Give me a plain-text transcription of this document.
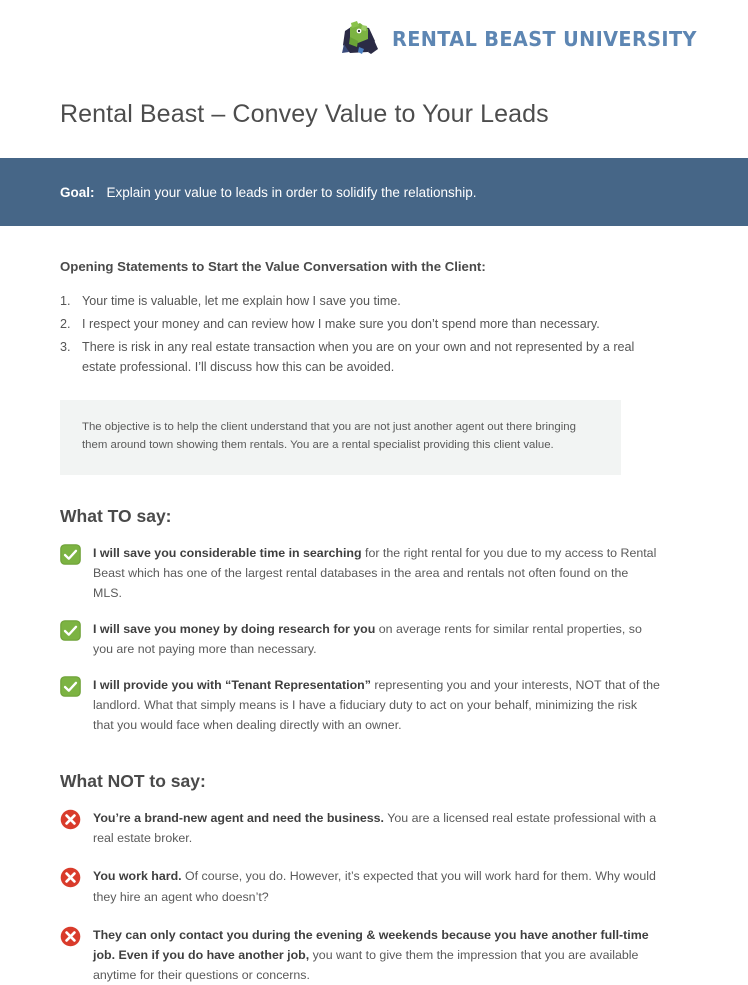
RENTAL BEAST UNIVERSITY
Rental Beast – Convey Value to Your Leads
Goal: Explain your value to leads in order to solidify the relationship.
Opening Statements to Start the Value Conversation with the Client:
1. Your time is valuable, let me explain how I save you time.
2. I respect your money and can review how I make sure you don’t spend more than necessary.
3. There is risk in any real estate transaction when you are on your own and not represented by a real estate professional. I’ll discuss how this can be avoided.
The objective is to help the client understand that you are not just another agent out there bringing them around town showing them rentals. You are a rental specialist providing this client value.
What TO say:
I will save you considerable time in searching for the right rental for you due to my access to Rental Beast which has one of the largest rental databases in the area and rentals not often found on the MLS.
I will save you money by doing research for you on average rents for similar rental properties, so you are not paying more than necessary.
I will provide you with “Tenant Representation” representing you and your interests, NOT that of the landlord. What that simply means is I have a fiduciary duty to act on your behalf, minimizing the risk that you would face when dealing directly with an owner.
What NOT to say:
You’re a brand-new agent and need the business. You are a licensed real estate professional with a real estate broker.
You work hard. Of course, you do. However, it’s expected that you will work hard for them. Why would they hire an agent who doesn’t?
They can only contact you during the evening & weekends because you have another full-time job. Even if you do have another job, you want to give them the impression that you are available anytime for their questions or concerns.
